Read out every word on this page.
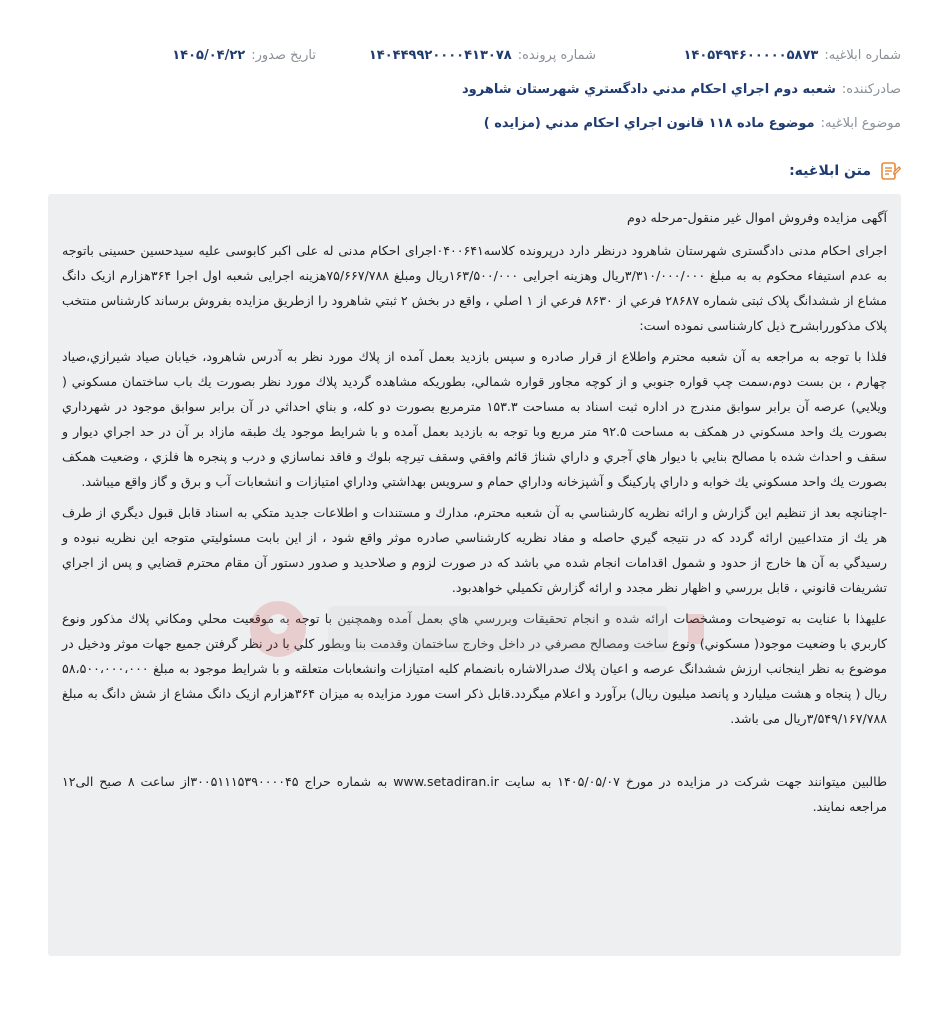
شماره ابلاغيه:۱۴۰۵۴۹۴۶۰۰۰۰۰۵۸۷۳
شماره پرونده:۱۴۰۴۴۹۹۲۰۰۰۰۴۱۳۰۷۸
تاريخ صدور:۱۴۰۵/۰۴/۲۲
صادرکننده:شعبه دوم اجراي احکام مدني دادگستري شهرستان شاهرود
موضوع ابلاغيه:موضوع ماده ۱۱۸ قانون اجراي احکام مدني (مزايده )
متن ابلاغيه:

آگهی مزایده وفروش اموال غیر منقول-مرحله دوم

اجرای احکام مدنی دادگستری شهرستان شاهرود درنظر دارد درپرونده کلاسه۰۴۰۰۶۴۱اجرای احکام مدنی له علی اکبر کابوسی علیه سیدحسین حسینی باتوجه به عدم استیفاء محکوم به به مبلغ ۳/۳۱۰/۰۰۰/۰۰۰ریال وهزینه اجرایی ۱۶۳/۵۰۰/۰۰۰ریال ومبلغ ۷۵/۶۶۷/۷۸۸هزینه اجرایی شعبه اول اجرا ۳۶۴هزارم ازیک دانگ مشاع از ششدانگ پلاک ثبتی شماره ۲۸۶۸۷ فرعي از ۸۶۳۰ فرعي از ۱ اصلي ، واقع در بخش ۲ ثبتي شاهرود را ازطریق مزایده بفروش برساند کارشناس منتخب پلاک مذکوررابشرح ذیل کارشناسی نموده است:

فلذا با توجه به مراجعه به آن شعبه محترم واطلاع از قرار صادره و سپس بازديد بعمل آمده از پلاك مورد نظر به آدرس شاهرود، خيابان صياد شيرازي،صياد چهارم ، بن بست دوم،سمت چپ قواره جنوبي و از كوچه مجاور قواره شمالي، بطوريكه مشاهده گرديد پلاك مورد نظر بصورت يك باب ساختمان مسكوني ( ويلايي) عرصه آن برابر سوابق مندرج در اداره ثبت اسناد به مساحت ۱۵۳.۳ مترمربع بصورت دو كله، و بناي احداثي در آن برابر سوابق موجود در شهرداري بصورت يك واحد مسكوني در همكف به مساحت ۹۲.۵ متر مربع وبا توجه به بازديد بعمل آمده و با شرايط موجود يك طبقه مازاد بر آن در حد اجراي ديوار و سقف و احداث شده با مصالح بنايي با ديوار هاي آجري و داراي شناژ قائم وافقي وسقف تيرچه بلوك و فاقد نماسازي و درب و پنجره ها فلزي ، وضعيت همكف بصورت يك واحد مسكوني يك خوابه و داراي پاركينگ و آشپزخانه وداراي حمام و سرويس بهداشتي وداراي امتيازات و انشعابات آب و برق و گاز واقع ميباشد.

-اچنانچه بعد از تنظيم اين گزارش و ارائه نظريه كارشناسي به آن شعبه محترم، مدارك و مستندات و اطلاعات جديد متكي به اسناد قابل قبول ديگري از طرف هر يك از متداعيين ارائه گردد كه در نتيجه گيري حاصله و مفاد نظريه كارشناسي صادره موثر واقع شود ، از اين بابت مسئوليتي متوجه اين نظريه نبوده و رسيدگي به آن ها خارج از حدود و شمول اقدامات انجام شده مي باشد كه در صورت لزوم و صلاحديد و صدور دستور آن مقام محترم قضايي و پس از اجراي تشريفات قانوني ، قابل بررسي و اظهار نظر مجدد و ارائه گزارش تكميلي خواهدبود.

عليهذا با عنايت به توضيحات ومشخصات ارائه شده و انجام تحقيقات وبررسي هاي بعمل آمده وهمچنين با توجه به موقعيت محلي ومكاني پلاك مذكور ونوع كاربري با وضعيت موجود( مسكوني) ونوع ساخت ومصالح مصرفي در داخل وخارج ساختمان وقدمت بنا وبطور كلي با در نظر گرفتن جميع جهات موثر ودخيل در موضوع به نظر اينجانب ارزش ششدانگ عرصه و اعيان پلاك صدرالاشاره بانضمام كليه امتيازات وانشعابات متعلقه و با شرايط موجود به مبلغ ۵۸،۵۰۰،۰۰۰،۰۰۰ ريال ( پنجاه و هشت ميليارد و پانصد ميليون ريال) برآورد و اعلام ميگردد.قابل ذكر است مورد مزایده به میزان ۳۶۴هزارم ازیک دانگ مشاع از شش دانگ به مبلغ ۳/۵۴۹/۱۶۷/۷۸۸ریال می باشد.

طالبین میتوانند جهت شرکت در مزایده در مورخ ۱۴۰۵/۰۵/۰۷ به سایت www.setadiran.ir به شماره حراج ۳۰۰۵۱۱۱۵۳۹۰۰۰۰۴۵از ساعت ۸ صبح الی۱۲ مراجعه نمایند.
